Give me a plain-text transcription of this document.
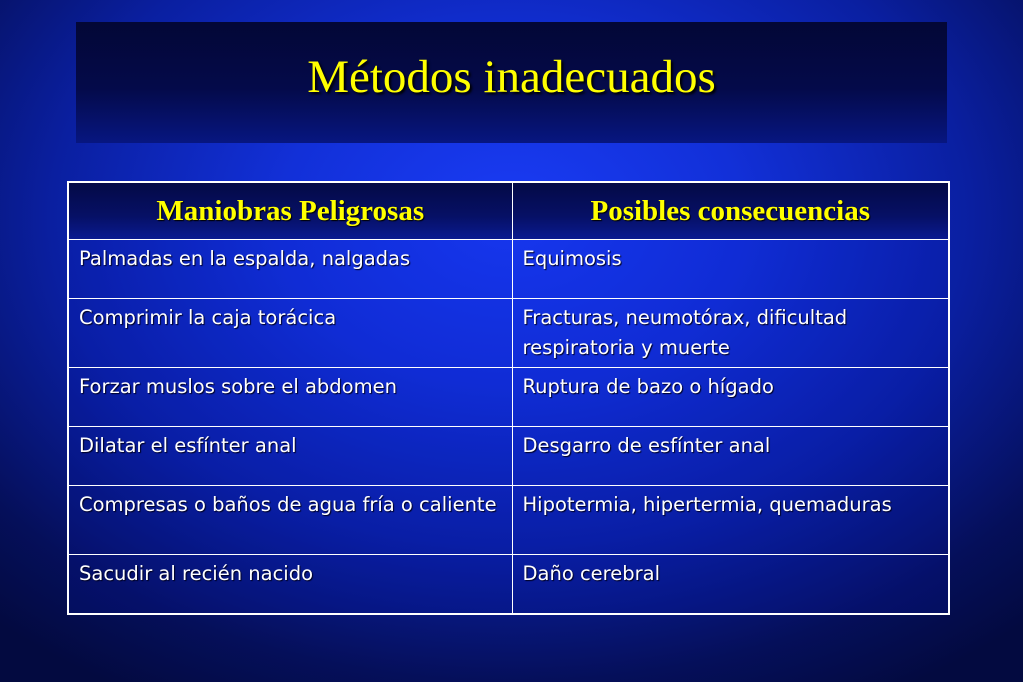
Métodos inadecuados
Maniobras Peligrosas	Posibles consecuencias
Palmadas en la espalda, nalgadas	Equimosis
Comprimir la caja torácica	Fracturas, neumotórax, dificultad respiratoria y muerte
Forzar muslos sobre el abdomen	Ruptura de bazo o hígado
Dilatar el esfínter anal	Desgarro de esfínter anal
Compresas o baños de agua fría o caliente	Hipotermia, hipertermia, quemaduras
Sacudir al recién nacido	Daño cerebral
